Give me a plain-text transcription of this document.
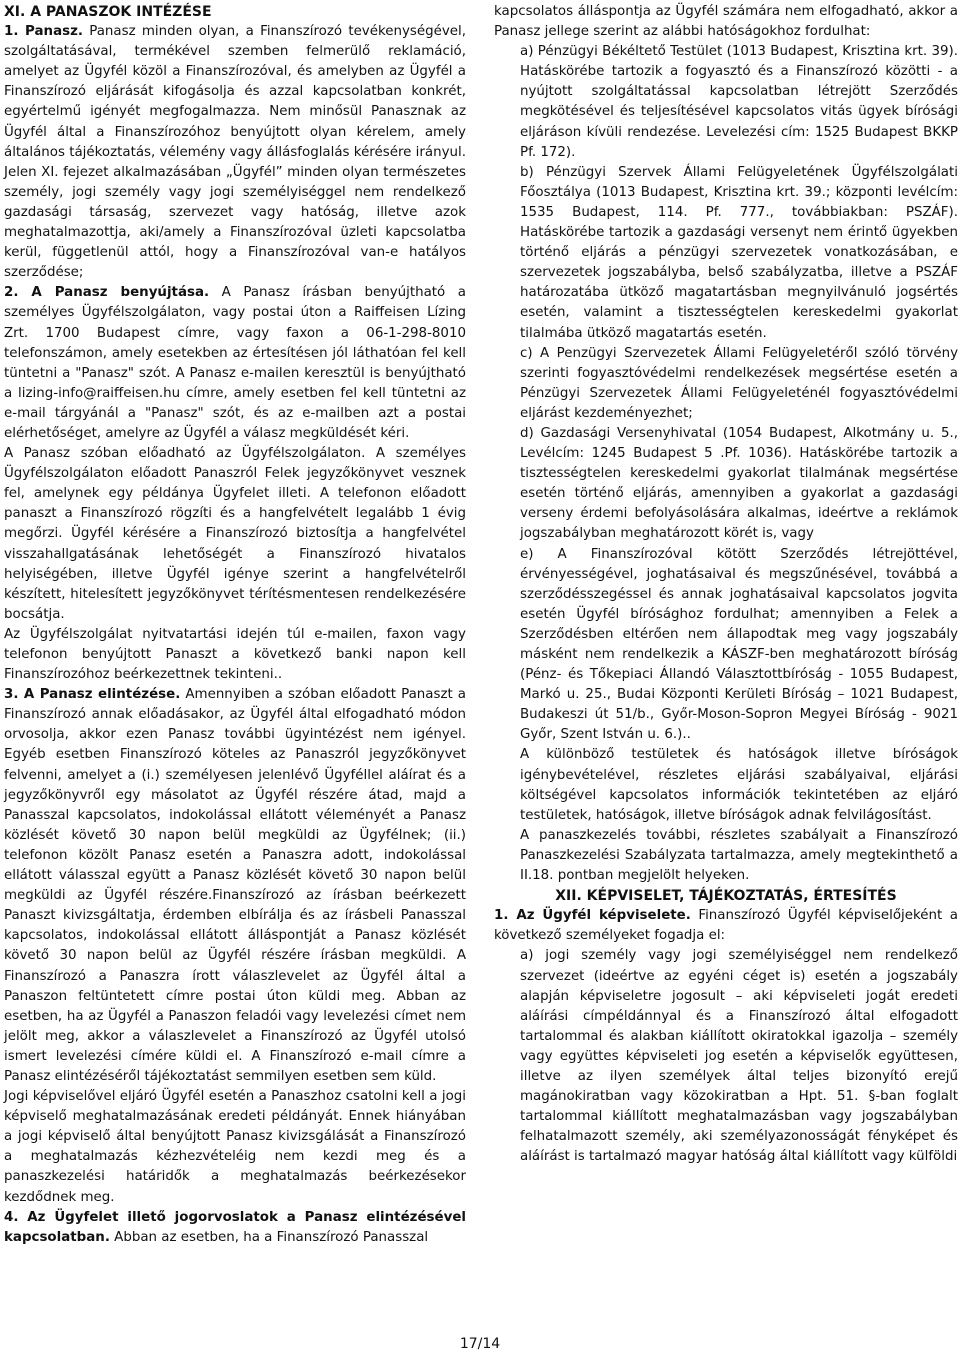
XI. A PANASZOK INTÉZÉSE

1. Panasz. Panasz minden olyan, a Finanszírozó tevékenységével, szolgáltatásával, termékével szemben felmerülő reklamáció, amelyet az Ügyfél közöl a Finanszírozóval, és amelyben az Ügyfél a Finanszírozó eljárását kifogásolja és azzal kapcsolatban konkrét, egyértelmű igényét megfogalmazza. Nem minősül Panasznak az Ügyfél által a Finanszírozóhoz benyújtott olyan kérelem, amely általános tájékoztatás, vélemény vagy állásfoglalás kérésére irányul. Jelen XI. fejezet alkalmazásában „Ügyfél” minden olyan természetes személy, jogi személy vagy jogi személyiséggel nem rendelkező gazdasági társaság, szervezet vagy hatóság, illetve azok meghatalmazottja, aki/amely a Finanszírozóval üzleti kapcsolatba kerül, függetlenül attól, hogy a Finanszírozóval van-e hatályos szerződése;

2. A Panasz benyújtása. A Panasz írásban benyújtható a személyes Ügyfélszolgálaton, vagy postai úton a Raiffeisen Lízing Zrt. 1700 Budapest címre, vagy faxon a 06-1-298-8010 telefonszámon, amely esetekben az értesítésen jól láthatóan fel kell tüntetni a "Panasz" szót. A Panasz e-mailen keresztül is benyújtható a lizing-info@raiffeisen.hu címre, amely esetben fel kell tüntetni az e-mail tárgyánál a "Panasz" szót, és az e-mailben azt a postai elérhetőséget, amelyre az Ügyfél a válasz megküldését kéri.

A Panasz szóban előadható az Ügyfélszolgálaton. A személyes Ügyfélszolgálaton előadott Panaszról Felek jegyzőkönyvet vesznek fel, amelynek egy példánya Ügyfelet illeti. A telefonon előadott panaszt a Finanszírozó rögzíti és a hangfelvételt legalább 1 évig megőrzi. Ügyfél kérésére a Finanszírozó biztosítja a hangfelvétel visszahallgatásának lehetőségét a Finanszírozó hivatalos helyiségében, illetve Ügyfél igénye szerint a hangfelvételről készített, hitelesített jegyzőkönyvet térítésmentesen rendelkezésére bocsátja.

Az Ügyfélszolgálat nyitvatartási idején túl e-mailen, faxon vagy telefonon benyújtott Panaszt a következő banki napon kell Finanszírozóhoz beérkezettnek tekinteni..

3. A Panasz elintézése. Amennyiben a szóban előadott Panaszt a Finanszírozó annak előadásakor, az Ügyfél által elfogadható módon orvosolja, akkor ezen Panasz további ügyintézést nem igényel. Egyéb esetben Finanszírozó köteles az Panaszról jegyzőkönyvet felvenni, amelyet a (i.) személyesen jelenlévő Ügyféllel aláírat és a jegyzőkönyvről egy másolatot az Ügyfél részére átad, majd a Panasszal kapcsolatos, indokolással ellátott véleményét a Panasz közlését követő 30 napon belül megküldi az Ügyfélnek; (ii.) telefonon közölt Panasz esetén a Panaszra adott, indokolással ellátott válasszal együtt a Panasz közlését követő 30 napon belül megküldi az Ügyfél részére.Finanszírozó az írásban beérkezett Panaszt kivizsgáltatja, érdemben elbírálja és az írásbeli Panasszal kapcsolatos, indokolással ellátott álláspontját a Panasz közlését követő 30 napon belül az Ügyfél részére írásban megküldi. A Finanszírozó a Panaszra írott válaszlevelet az Ügyfél által a Panaszon feltüntetett címre postai úton küldi meg. Abban az esetben, ha az Ügyfél a Panaszon feladói vagy levelezési címet nem jelölt meg, akkor a válaszlevelet a Finanszírozó az Ügyfél utolsó ismert levelezési címére küldi el. A Finanszírozó e-mail címre a Panasz elintézéséről tájékoztatást semmilyen esetben sem küld.

Jogi képviselővel eljáró Ügyfél esetén a Panaszhoz csatolni kell a jogi képviselő meghatalmazásának eredeti példányát. Ennek hiányában a jogi képviselő által benyújtott Panasz kivizsgálását a Finanszírozó a meghatalmazás kézhezvételéig nem kezdi meg és a panaszkezelési határidők a meghatalmazás beérkezésekor kezdődnek meg.

4. Az Ügyfelet illető jogorvoslatok a Panasz elintézésével kapcsolatban. Abban az esetben, ha a Finanszírozó Panasszal

kapcsolatos álláspontja az Ügyfél számára nem elfogadható, akkor a Panasz jellege szerint az alábbi hatóságokhoz fordulhat:

a) Pénzügyi Békéltető Testület (1013 Budapest, Krisztina krt. 39). Hatáskörébe tartozik a fogyasztó és a Finanszírozó közötti - a nyújtott szolgáltatással kapcsolatban létrejött Szerződés megkötésével és teljesítésével kapcsolatos vitás ügyek bírósági eljáráson kívüli rendezése. Levelezési cím: 1525 Budapest BKKP Pf. 172).

b) Pénzügyi Szervek Állami Felügyeletének Ügyfélszolgálati Főosztálya (1013 Budapest, Krisztina krt. 39.; központi levélcím: 1535 Budapest, 114. Pf. 777., továbbiakban: PSZÁF). Hatáskörébe tartozik a gazdasági versenyt nem érintő ügyekben történő eljárás a pénzügyi szervezetek vonatkozásában, e szervezetek jogszabályba, belső szabályzatba, illetve a PSZÁF határozatába ütköző magatartásban megnyilvánuló jogsértés esetén, valamint a tisztességtelen kereskedelmi gyakorlat tilalmába ütköző magatartás esetén.

c) A Penzügyi Szervezetek Állami Felügyeletéről szóló törvény szerinti fogyasztóvédelmi rendelkezések megsértése esetén a Pénzügyi Szervezetek Állami Felügyeleténél fogyasztóvédelmi eljárást kezdeményezhet;

d) Gazdasági Versenyhivatal (1054 Budapest, Alkotmány u. 5., Levélcím: 1245 Budapest 5 .Pf. 1036). Hatáskörébe tartozik a tisztességtelen kereskedelmi gyakorlat tilalmának megsértése esetén történő eljárás, amennyiben a gyakorlat a gazdasági verseny érdemi befolyásolására alkalmas, ideértve a reklámok jogszabályban meghatározott körét is, vagy

e) A Finanszírozóval kötött Szerződés létrejöttével, érvényességével, joghatásaival és megszűnésével, továbbá a szerződésszegéssel és annak joghatásaival kapcsolatos jogvita esetén Ügyfél bírósághoz fordulhat; amennyiben a Felek a Szerződésben eltérően nem állapodtak meg vagy jogszabály másként nem rendelkezik a KÁSZF-ben meghatározott bíróság (Pénz- és Tőkepiaci Állandó Választottbíróság - 1055 Budapest, Markó u. 25., Budai Központi Kerületi Bíróság – 1021 Budapest, Budakeszi út 51/b., Győr-Moson-Sopron Megyei Bíróság - 9021 Győr, Szent István u. 6.)..

A különböző testületek és hatóságok illetve bíróságok igénybevételével, részletes eljárási szabályaival, eljárási költségével kapcsolatos információk tekintetében az eljáró testületek, hatóságok, illetve bíróságok adnak felvilágosítást.

A panaszkezelés további, részletes szabályait a Finanszírozó Panaszkezelési Szabályzata tartalmazza, amely megtekinthető a II.18. pontban megjelölt helyeken.

XII. KÉPVISELET, TÁJÉKOZTATÁS, ÉRTESÍTÉS

1. Az Ügyfél képviselete. Finanszírozó Ügyfél képviselőjeként a következő személyeket fogadja el:

a) jogi személy vagy jogi személyiséggel nem rendelkező szervezet (ideértve az egyéni céget is) esetén a jogszabály alapján képviseletre jogosult – aki képviseleti jogát eredeti aláírási címpéldánnyal és a Finanszírozó által elfogadott tartalommal és alakban kiállított okiratokkal igazolja – személy vagy együttes képviseleti jog esetén a képviselők együttesen, illetve az ilyen személyek által teljes bizonyító erejű magánokiratban vagy közokiratban a Hpt. 51. §-ban foglalt tartalommal kiállított meghatalmazásban vagy jogszabályban felhatalmazott személy, aki személyazonosságát fényképet és aláírást is tartalmazó magyar hatóság által kiállított vagy külföldi

17/14
